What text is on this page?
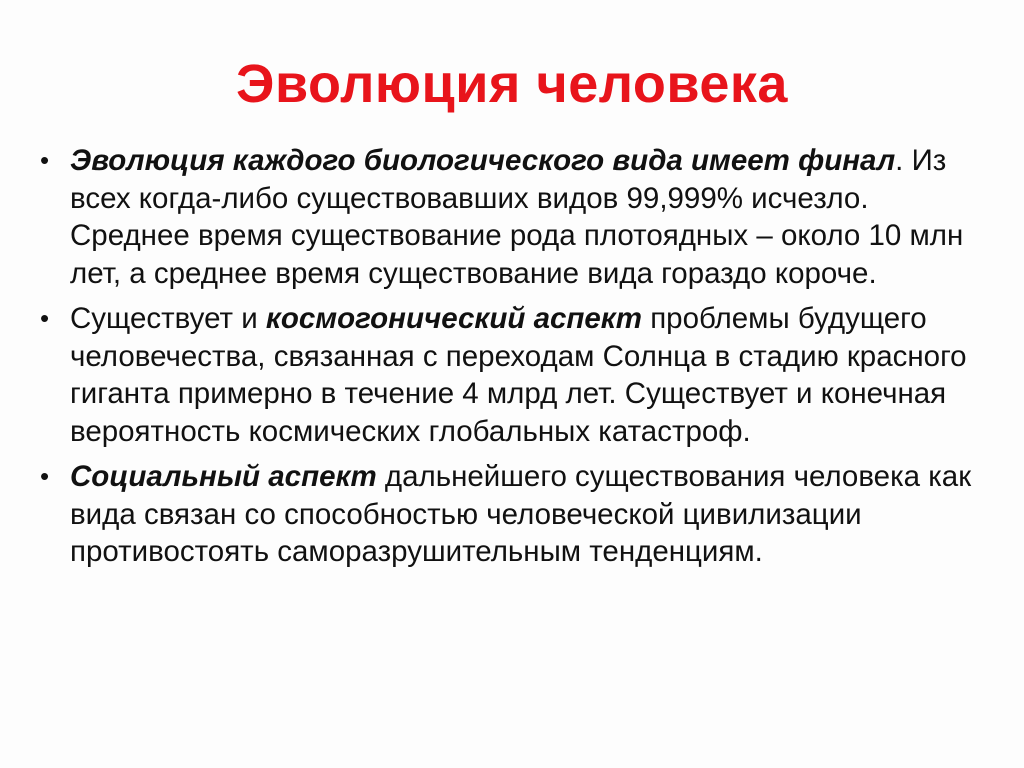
Эволюция человека
• Эволюция каждого биологического вида имеет финал. Из всех когда-либо существовавших видов 99,999% исчезло. Среднее время существование рода плотоядных – около 10 млн лет, а среднее время существование вида гораздо короче.
• Существует и космогонический аспект проблемы будущего человечества, связанная с переходам Солнца в стадию красного гиганта примерно в течение 4 млрд лет. Существует и конечная вероятность космических глобальных катастроф.
• Социальный аспект дальнейшего существования человека как вида связан со способностью человеческой цивилизации противостоять саморазрушительным тенденциям.
